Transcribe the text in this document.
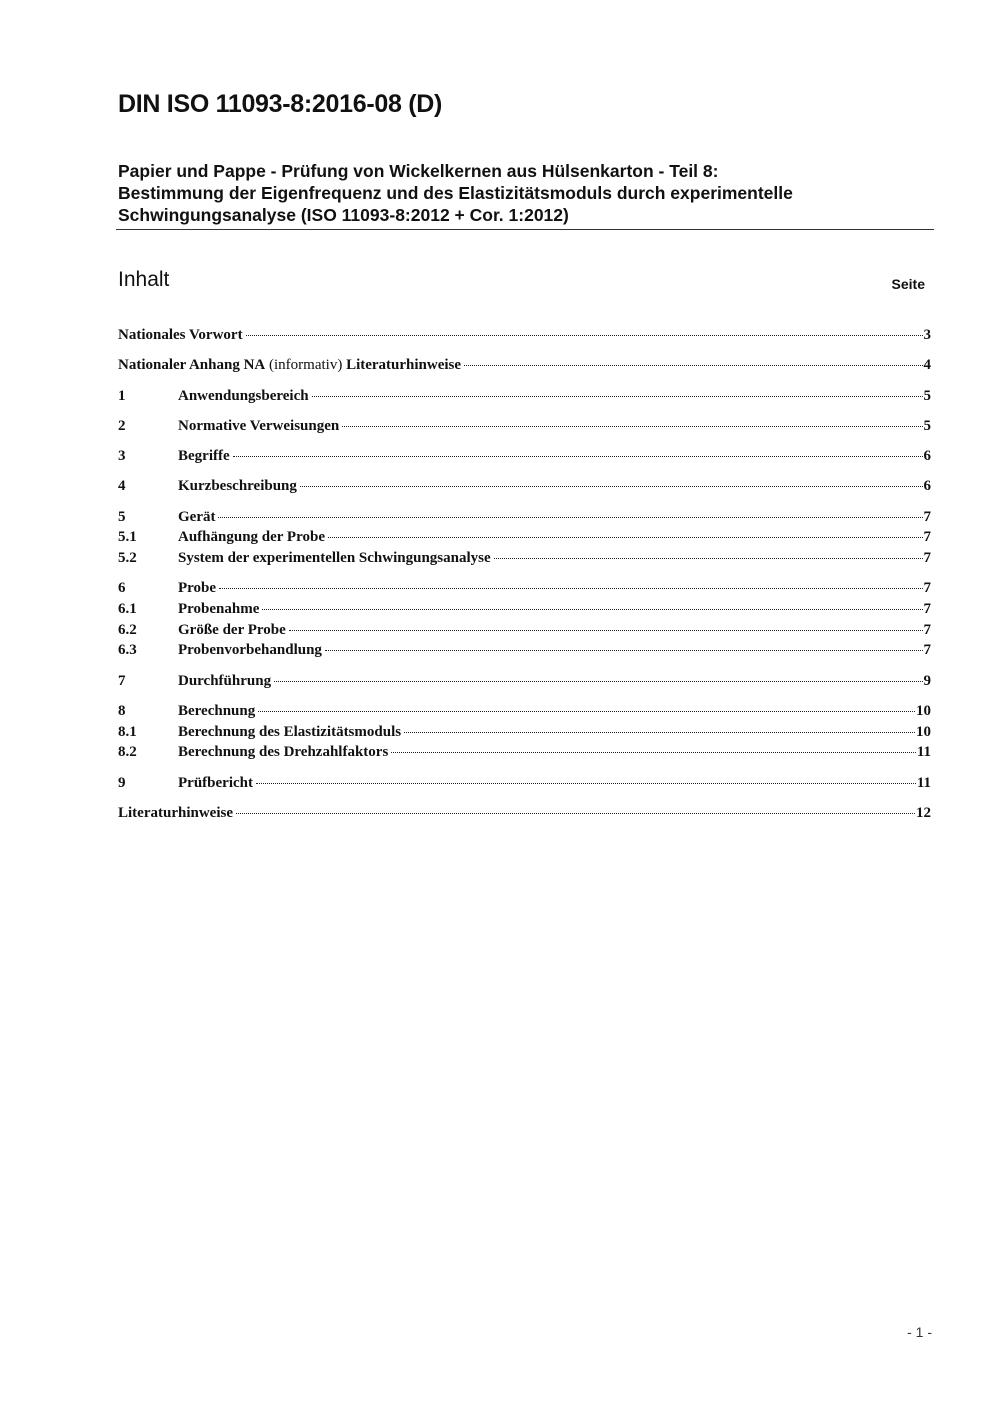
DIN ISO 11093-8:2016-08 (D)
Papier und Pappe - Prüfung von Wickelkernen aus Hülsenkarton - Teil 8:
Bestimmung der Eigenfrequenz und des Elastizitätsmoduls durch experimentelle
Schwingungsanalyse (ISO 11093-8:2012 + Cor. 1:2012)
Inhalt	Seite
Nationales Vorwort	3
Nationaler Anhang NA (informativ) Literaturhinweise	4
1	Anwendungsbereich	5
2	Normative Verweisungen	5
3	Begriffe	6
4	Kurzbeschreibung	6
5	Gerät	7
5.1	Aufhängung der Probe	7
5.2	System der experimentellen Schwingungsanalyse	7
6	Probe	7
6.1	Probenahme	7
6.2	Größe der Probe	7
6.3	Probenvorbehandlung	7
7	Durchführung	9
8	Berechnung	10
8.1	Berechnung des Elastizitätsmoduls	10
8.2	Berechnung des Drehzahlfaktors	11
9	Prüfbericht	11
Literaturhinweise	12
- 1 -
